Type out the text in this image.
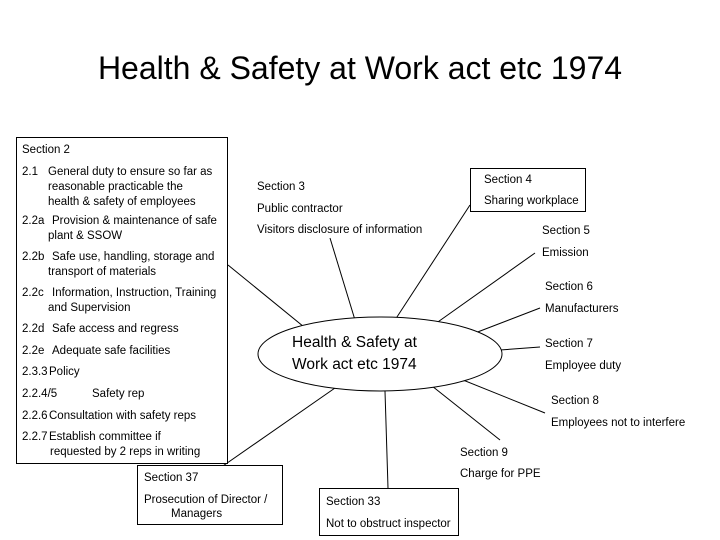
Health & Safety at Work act etc 1974
Section 2
2.1 General duty to ensure so far as
reasonable practicable the
health & safety of employees
2.2a Provision & maintenance of safe
plant & SSOW
2.2b Safe use, handling, storage and
transport of materials
2.2c Information, Instruction, Training
and Supervision
2.2d Safe access and regress
2.2e Adequate safe facilities
2.3.3 Policy
2.2.4/5	Safety rep
2.2.6 Consultation with safety reps
2.2.7 Establish committee if
requested by 2 reps in writing
Section 3
Public contractor
Visitors disclosure of information
Section 4
Sharing workplace
Section 5
Emission
Section 6
Manufacturers
Section 7
Employee duty
Section 8
Employees not to interfere
Section 9
Charge for PPE
Section 37
Prosecution of Director /
Managers
Section 33
Not to obstruct inspector
Health & Safety at
Work act etc 1974
